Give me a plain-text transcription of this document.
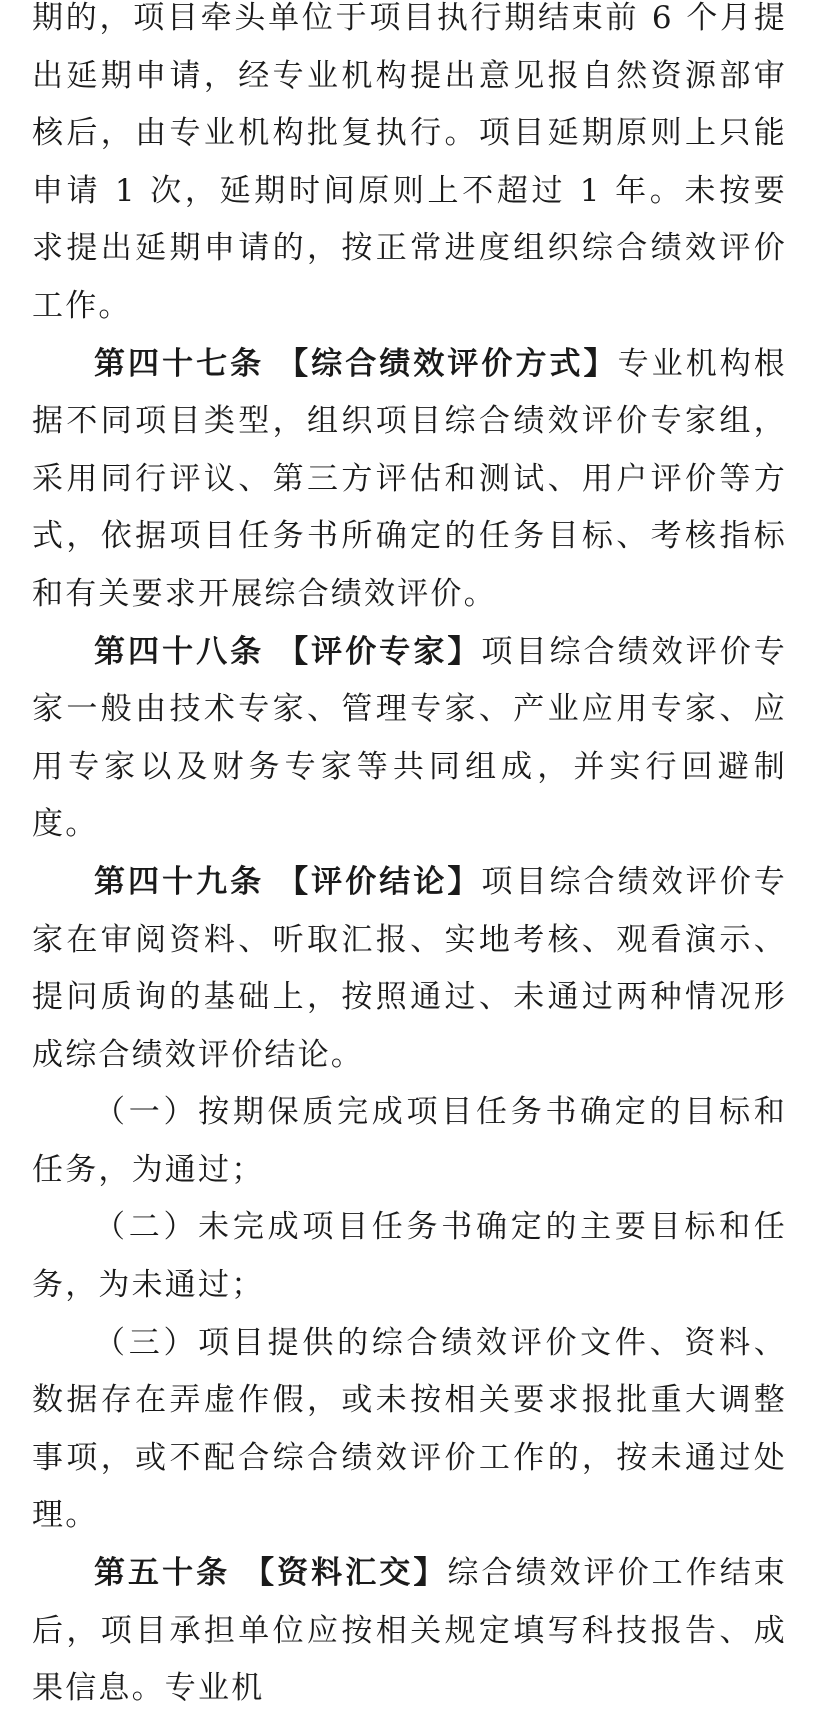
期的，项目牵头单位于项目执行期结束前 6 个月提出延期申请，经专业机构提出意见报自然资源部审核后，由专业机构批复执行。项目延期原则上只能申请 1 次，延期时间原则上不超过 1 年。未按要求提出延期申请的，按正常进度组织综合绩效评价工作。

第四十七条 【综合绩效评价方式】专业机构根据不同项目类型，组织项目综合绩效评价专家组，采用同行评议、第三方评估和测试、用户评价等方式，依据项目任务书所确定的任务目标、考核指标和有关要求开展综合绩效评价。

第四十八条 【评价专家】项目综合绩效评价专家一般由技术专家、管理专家、产业应用专家、应用专家以及财务专家等共同组成，并实行回避制度。

第四十九条 【评价结论】项目综合绩效评价专家在审阅资料、听取汇报、实地考核、观看演示、提问质询的基础上，按照通过、未通过两种情况形成综合绩效评价结论。

（一）按期保质完成项目任务书确定的目标和任务，为通过；

（二）未完成项目任务书确定的主要目标和任务，为未通过；

（三）项目提供的综合绩效评价文件、资料、数据存在弄虚作假，或未按相关要求报批重大调整事项，或不配合综合绩效评价工作的，按未通过处理。

第五十条 【资料汇交】综合绩效评价工作结束后，项目承担单位应按相关规定填写科技报告、成果信息。专业机
